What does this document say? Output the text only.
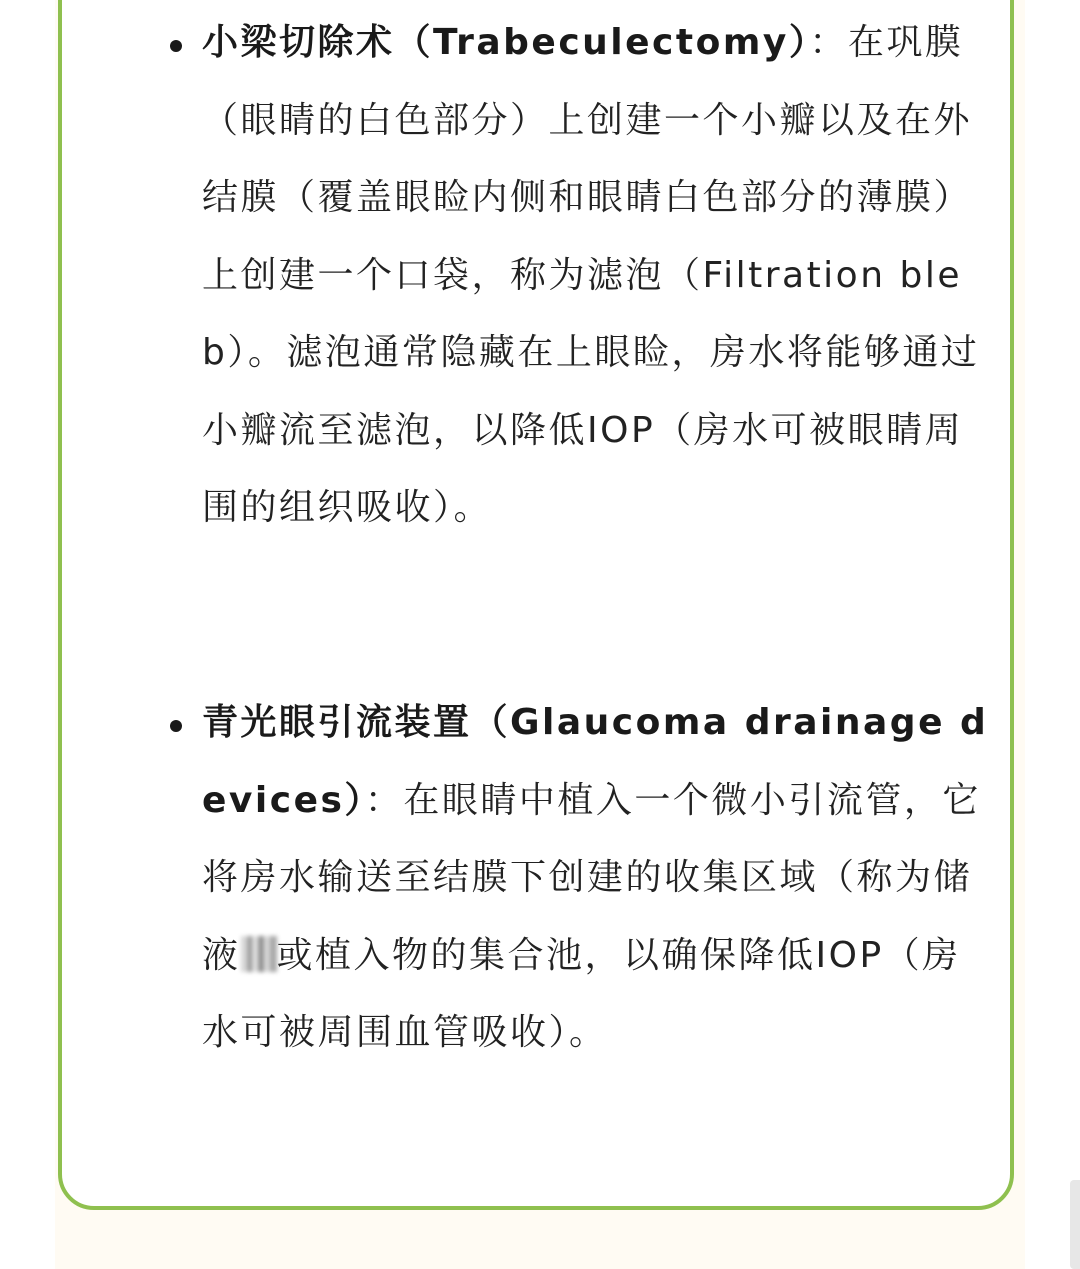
小梁切除术（Trabeculectomy）：在巩膜（眼睛的白色部分）上创建一个小瓣以及在外结膜（覆盖眼睑内侧和眼睛白色部分的薄膜）上创建一个口袋，称为滤泡（Filtration bleb）。滤泡通常隐藏在上眼睑，房水将能够通过小瓣流至滤泡，以降低IOP（房水可被眼睛周围的组织吸收）。

青光眼引流装置（Glaucoma drainage devices）：在眼睛中植入一个微小引流管，它将房水输送至结膜下创建的收集区域（称为储液 或植入物的集合池，以确保降低IOP（房水可被周围血管吸收）。
